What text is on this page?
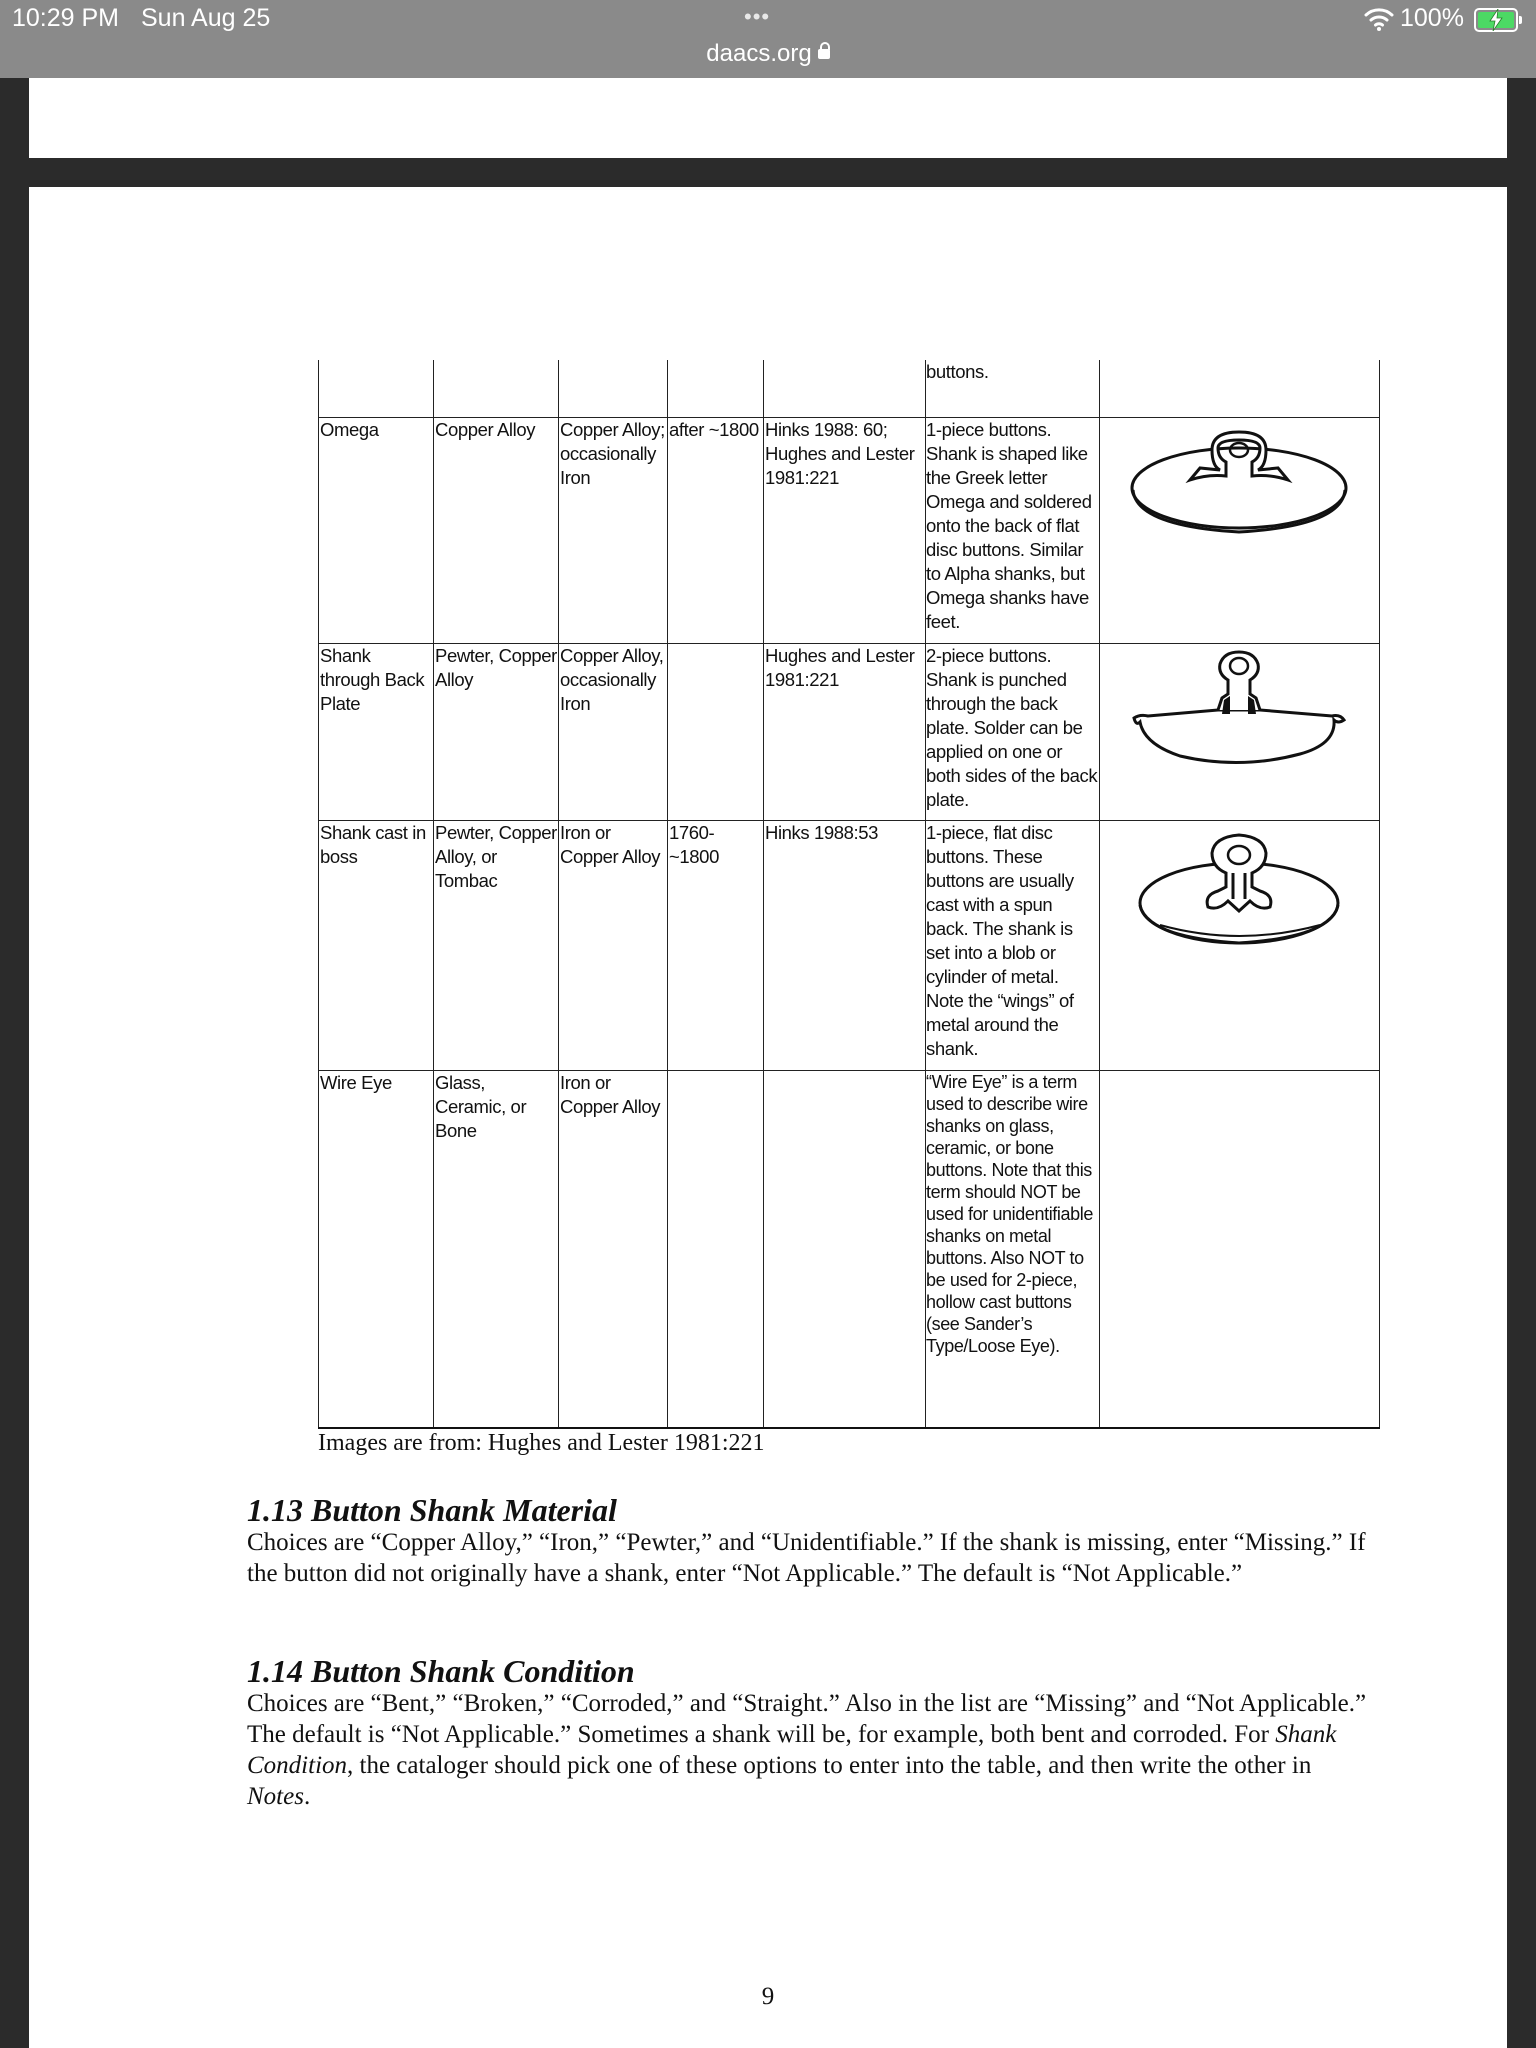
10:29 PM Sun Aug 25	•••
daacs.org
100%
					buttons.	
Omega	Copper Alloy	Copper Alloy; occasionally Iron	after ~1800	Hinks 1988: 60; Hughes and Lester 1981:221	1-piece buttons. Shank is shaped like the Greek letter Omega and soldered onto the back of flat disc buttons. Similar to Alpha shanks, but Omega shanks have feet.	

Shank through Back Plate	Pewter, Copper Alloy	Copper Alloy, occasionally Iron		Hughes and Lester 1981:221	2-piece buttons. Shank is punched through the back plate. Solder can be applied on one or both sides of the back plate.	

Shank cast in boss	Pewter, Copper Alloy, or Tombac	Iron or Copper Alloy	1760-~1800	Hinks 1988:53	1-piece, flat disc buttons. These buttons are usually cast with a spun back. The shank is set into a blob or cylinder of metal. Note the “wings” of metal around the shank.	

Wire Eye	Glass, Ceramic, or Bone	Iron or Copper Alloy			“Wire Eye” is a term used to describe wire shanks on glass, ceramic, or bone buttons. Note that this term should NOT be used for unidentifiable shanks on metal buttons. Also NOT to be used for 2-piece, hollow cast buttons (see Sander’s Type/Loose Eye).	
Images are from: Hughes and Lester 1981:221
1.13 Button Shank Material

Choices are “Copper Alloy,” “Iron,” “Pewter,” and “Unidentifiable.” If the shank is missing, enter “Missing.” If the button did not originally have a shank, enter “Not Applicable.” The default is “Not Applicable.”

1.14 Button Shank Condition

Choices are “Bent,” “Broken,” “Corroded,” and “Straight.” Also in the list are “Missing” and “Not Applicable.” The default is “Not Applicable.” Sometimes a shank will be, for example, both bent and corroded. For Shank Condition, the cataloger should pick one of these options to enter into the table, and then write the other in Notes.

9
